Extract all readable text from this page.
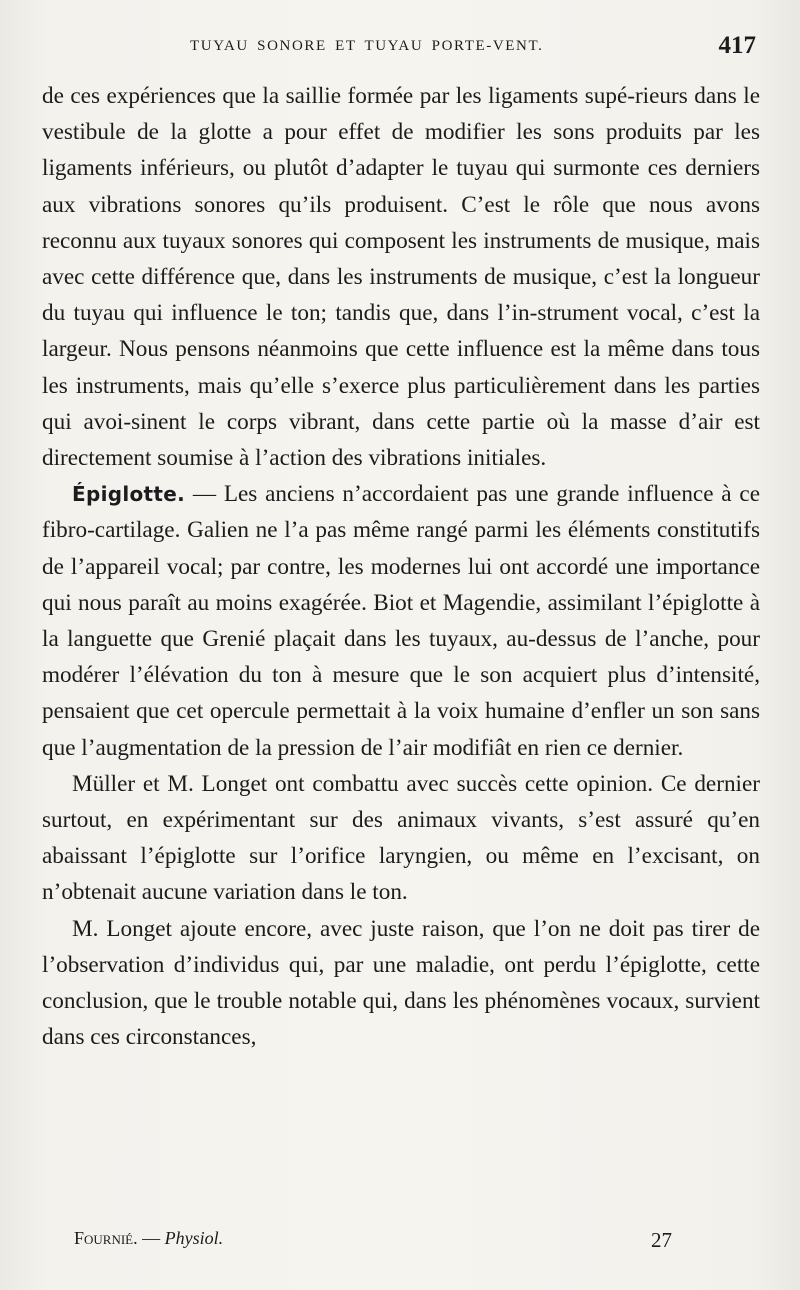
TUYAU SONORE ET TUYAU PORTE-VENT.	417

de ces expériences que la saillie formée par les ligaments supé-rieurs dans le vestibule de la glotte a pour effet de modifier les sons produits par les ligaments inférieurs, ou plutôt d’adapter le tuyau qui surmonte ces derniers aux vibrations sonores qu’ils produisent. C’est le rôle que nous avons reconnu aux tuyaux sonores qui composent les instruments de musique, mais avec cette différence que, dans les instruments de musique, c’est la longueur du tuyau qui influence le ton; tandis que, dans l’in-strument vocal, c’est la largeur. Nous pensons néanmoins que cette influence est la même dans tous les instruments, mais qu’elle s’exerce plus particulièrement dans les parties qui avoi-sinent le corps vibrant, dans cette partie où la masse d’air est directement soumise à l’action des vibrations initiales.

Épiglotte. — Les anciens n’accordaient pas une grande influence à ce fibro-cartilage. Galien ne l’a pas même rangé parmi les éléments constitutifs de l’appareil vocal; par contre, les modernes lui ont accordé une importance qui nous paraît au moins exagérée. Biot et Magendie, assimilant l’épiglotte à la languette que Grenié plaçait dans les tuyaux, au-dessus de l’anche, pour modérer l’élévation du ton à mesure que le son acquiert plus d’intensité, pensaient que cet opercule permettait à la voix humaine d’enfler un son sans que l’augmentation de la pression de l’air modifiât en rien ce dernier.

Müller et M. Longet ont combattu avec succès cette opinion. Ce dernier surtout, en expérimentant sur des animaux vivants, s’est assuré qu’en abaissant l’épiglotte sur l’orifice laryngien, ou même en l’excisant, on n’obtenait aucune variation dans le ton.

M. Longet ajoute encore, avec juste raison, que l’on ne doit pas tirer de l’observation d’individus qui, par une maladie, ont perdu l’épiglotte, cette conclusion, que le trouble notable qui, dans les phénomènes vocaux, survient dans ces circonstances,

Fournié. — Physiol.	27
